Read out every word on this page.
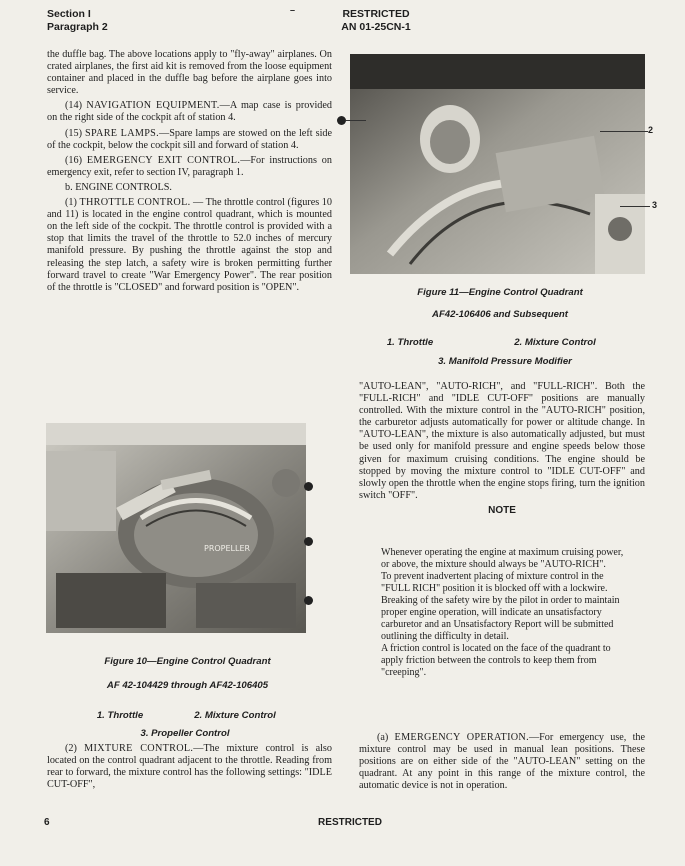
Section I
Paragraph 2
–	RESTRICTED
AN 01-25CN-1

the duffle bag. The above locations apply to "fly-away" airplanes. On crated airplanes, the first aid kit is removed from the loose equipment container and placed in the duffle bag before the airplane goes into service.

(14) NAVIGATION EQUIPMENT.—A map case is provided on the right side of the cockpit aft of station 4.

(15) SPARE LAMPS.—Spare lamps are stowed on the left side of the cockpit, below the cockpit sill and forward of station 4.

(16) EMERGENCY EXIT CONTROL.—For instructions on emergency exit, refer to section IV, paragraph 1.

b. ENGINE CONTROLS.

(1) THROTTLE CONTROL. — The throttle control (figures 10 and 11) is located in the engine control quadrant, which is mounted on the left side of the cockpit. The throttle control is provided with a stop that limits the travel of the throttle to 52.0 inches of mercury manifold pressure. By pushing the throttle against the stop and releasing the step latch, a safety wire is broken permitting further forward travel to create "War Emergency Power". The rear position of the throttle is "CLOSED" and forward position is "OPEN".

PROPELLER
Figure 10—Engine Control Quadrant
AF 42-104429 through AF42-106405
1. Throttle	2. Mixture Control
3. Propeller Control

(2) MIXTURE CONTROL.—The mixture control is also located on the control quadrant adjacent to the throttle. Reading from rear to forward, the mixture control has the following settings: "IDLE CUT-OFF",

2
3
Figure 11—Engine Control Quadrant
AF42-106406 and Subsequent
1. Throttle	2. Mixture Control
3. Manifold Pressure Modifier

"AUTO-LEAN", "AUTO-RICH", and "FULL-RICH". Both the "FULL-RICH" and "IDLE CUT-OFF" positions are manually controlled. With the mixture control in the "AUTO-RICH" position, the carburetor adjusts automatically for power or altitude change. In "AUTO-LEAN", the mixture is also automatically adjusted, but must be used only for manifold pressure and engine speeds below those given for maximum cruising conditions. The engine should be stopped by moving the mixture control to "IDLE CUT-OFF" and slowly open the throttle when the engine stops firing, turn the ignition switch "OFF".

NOTE

Whenever operating the engine at maximum cruising power, or above, the mixture should always be "AUTO-RICH".

To prevent inadvertent placing of mixture control in the "FULL RICH" position it is blocked off with a lockwire.

Breaking of the safety wire by the pilot in order to maintain proper engine operation, will indicate an unsatisfactory carburetor and an Unsatisfactory Report will be submitted outlining the difficulty in detail.

A friction control is located on the face of the quadrant to apply friction between the controls to keep them from "creeping".

(a) EMERGENCY OPERATION.—For emergency use, the mixture control may be used in manual lean positions. These positions are on either side of the "AUTO-LEAN" setting on the quadrant. At any point in this range of the mixture control, the automatic device is not in operation.

6	RESTRICTED
